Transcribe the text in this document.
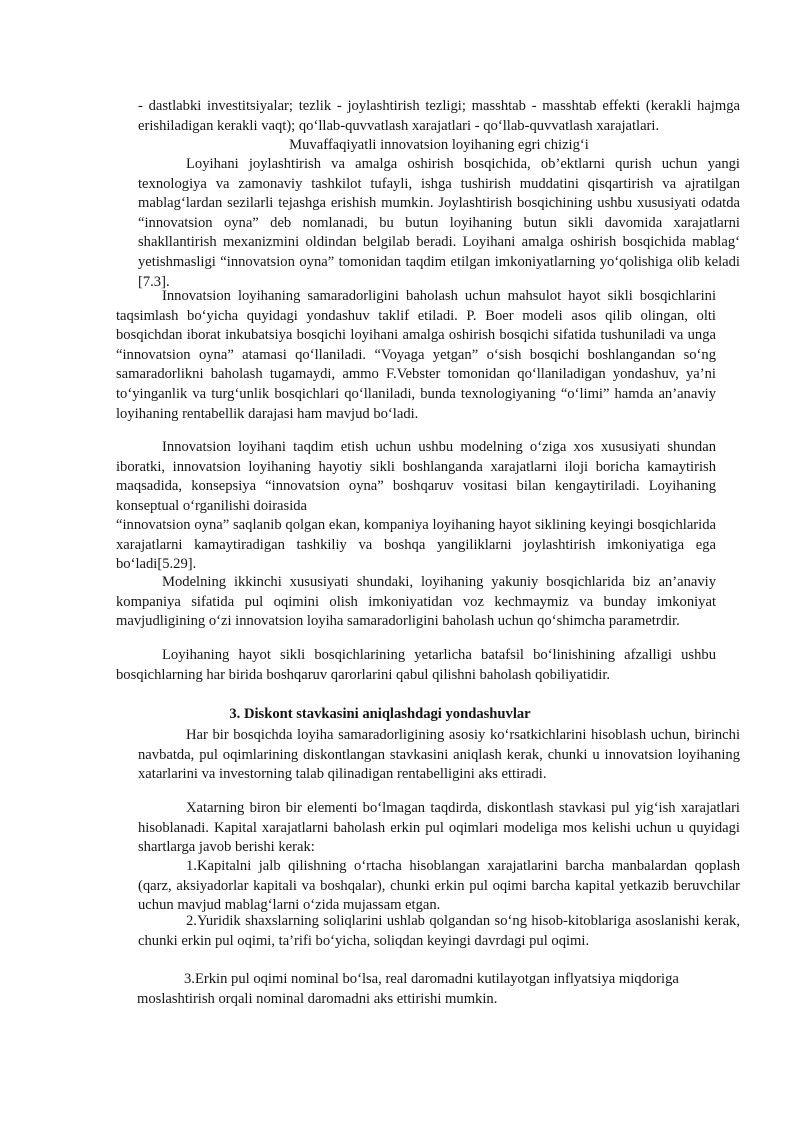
- dastlabki investitsiyalar; tezlik - joylashtirish tezligi; masshtab - masshtab effekti (kerakli hajmga erishiladigan kerakli vaqt); qo‘llab-quvvatlash xarajatlari - qo‘llab-quvvatlash xarajatlari.

Muvaffaqiyatli innovatsion loyihaning egri chizig‘i

Loyihani joylashtirish va amalga oshirish bosqichida, ob’ektlarni qurish uchun yangi texnologiya va zamonaviy tashkilot tufayli, ishga tushirish muddatini qisqartirish va ajratilgan mablag‘lardan sezilarli tejashga erishish mumkin. Joylashtirish bosqichining ushbu xususiyati odatda “innovatsion oyna” deb nomlanadi, bu butun loyihaning butun sikli davomida xarajatlarni shakllantirish mexanizmini oldindan belgilab beradi. Loyihani amalga oshirish bosqichida mablag‘ yetishmasligi “innovatsion oyna” tomonidan taqdim etilgan imkoniyatlarning yo‘qolishiga olib keladi [7.3].

Innovatsion loyihaning samaradorligini baholash uchun mahsulot hayot sikli bosqichlarini taqsimlash bo‘yicha quyidagi yondashuv taklif etiladi. P. Boer modeli asos qilib olingan, olti bosqichdan iborat inkubatsiya bosqichi loyihani amalga oshirish bosqichi sifatida tushuniladi va unga “innovatsion oyna” atamasi qo‘llaniladi. “Voyaga yetgan” o‘sish bosqichi boshlangandan so‘ng samaradorlikni baholash tugamaydi, ammo F.Vebster tomonidan qo‘llaniladigan yondashuv, ya’ni to‘yinganlik va turg‘unlik bosqichlari qo‘llaniladi, bunda texnologiyaning “o‘limi” hamda an’anaviy loyihaning rentabellik darajasi ham mavjud bo‘ladi.

Innovatsion loyihani taqdim etish uchun ushbu modelning o‘ziga xos xususiyati shundan iboratki, innovatsion loyihaning hayotiy sikli boshlanganda xarajatlarni iloji boricha kamaytirish maqsadida, konsepsiya “innovatsion oyna” boshqaruv vositasi bilan kengaytiriladi. Loyihaning konseptual o‘rganilishi doirasida

“innovatsion oyna” saqlanib qolgan ekan, kompaniya loyihaning hayot siklining keyingi bosqichlarida xarajatlarni kamaytiradigan tashkiliy va boshqa yangiliklarni joylashtirish imkoniyatiga ega bo‘ladi[5.29].

Modelning ikkinchi xususiyati shundaki, loyihaning yakuniy bosqichlarida biz an’anaviy kompaniya sifatida pul oqimini olish imkoniyatidan voz kechmaymiz va bunday imkoniyat mavjudligining o‘zi innovatsion loyiha samaradorligini baholash uchun qo‘shimcha parametrdir.

Loyihaning hayot sikli bosqichlarining yetarlicha batafsil bo‘linishining afzalligi ushbu bosqichlarning har birida boshqaruv qarorlarini qabul qilishni baholash qobiliyatidir.

3. Diskont stavkasini aniqlashdagi yondashuvlar

Har bir bosqichda loyiha samaradorligining asosiy ko‘rsatkichlarini hisoblash uchun, birinchi navbatda, pul oqimlarining diskontlangan stavkasini aniqlash kerak, chunki u innovatsion loyihaning xatarlarini va investorning talab qilinadigan rentabelligini aks ettiradi.

Xatarning biron bir elementi bo‘lmagan taqdirda, diskontlash stavkasi pul yig‘ish xarajatlari hisoblanadi. Kapital xarajatlarni baholash erkin pul oqimlari modeliga mos kelishi uchun u quyidagi shartlarga javob berishi kerak:

1.Kapitalni jalb qilishning o‘rtacha hisoblangan xarajatlarini barcha manbalardan qoplash (qarz, aksiyadorlar kapitali va boshqalar), chunki erkin pul oqimi barcha kapital yetkazib beruvchilar uchun mavjud mablag‘larni o‘zida mujassam etgan.

2.Yuridik shaxslarning soliqlarini ushlab qolgandan so‘ng hisob-kitoblariga asoslanishi kerak, chunki erkin pul oqimi, ta’rifi bo‘yicha, soliqdan keyingi davrdagi pul oqimi.

3.Erkin pul oqimi nominal bo‘lsa, real daromadni kutilayotgan inflyatsiya miqdoriga

moslashtirish orqali nominal daromadni aks ettirishi mumkin.
